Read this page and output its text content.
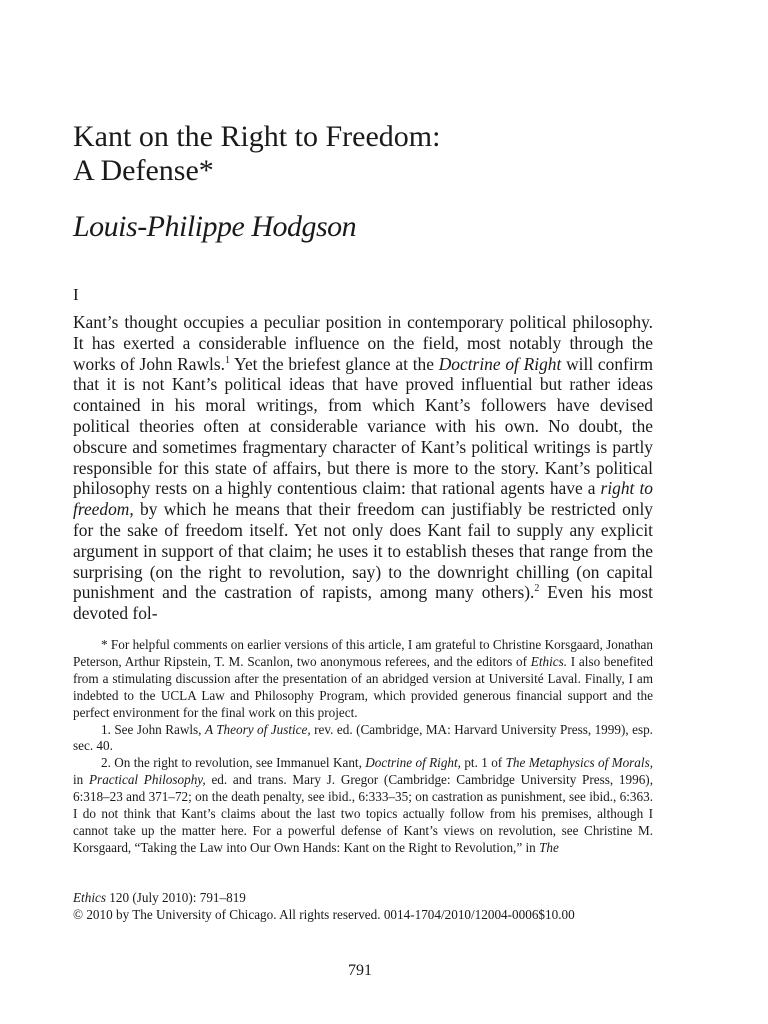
Kant on the Right to Freedom:
A Defense*
Louis-Philippe Hodgson
I

Kant’s thought occupies a peculiar position in contemporary political philosophy. It has exerted a considerable influence on the field, most notably through the works of John Rawls.$^1$ Yet the briefest glance at the Doctrine of Right will confirm that it is not Kant’s political ideas that have proved influential but rather ideas contained in his moral writings, from which Kant’s followers have devised political theories often at considerable variance with his own. No doubt, the obscure and sometimes fragmentary character of Kant’s political writings is partly responsible for this state of affairs, but there is more to the story. Kant’s political philosophy rests on a highly contentious claim: that rational agents have a right to freedom, by which he means that their freedom can justifiably be restricted only for the sake of freedom itself. Yet not only does Kant fail to supply any explicit argument in support of that claim; he uses it to establish theses that range from the surprising (on the right to revolution, say) to the downright chilling (on capital punishment and the castration of rapists, among many others).$^2$ Even his most devoted fol-

* For helpful comments on earlier versions of this article, I am grateful to Christine Korsgaard, Jonathan Peterson, Arthur Ripstein, T. M. Scanlon, two anonymous referees, and the editors of Ethics. I also benefited from a stimulating discussion after the presentation of an abridged version at Université Laval. Finally, I am indebted to the UCLA Law and Philosophy Program, which provided generous financial support and the perfect environment for the final work on this project.

1. See John Rawls, A Theory of Justice, rev. ed. (Cambridge, MA: Harvard University Press, 1999), esp. sec. 40.

2. On the right to revolution, see Immanuel Kant, Doctrine of Right, pt. 1 of The Metaphysics of Morals, in Practical Philosophy, ed. and trans. Mary J. Gregor (Cambridge: Cambridge University Press, 1996), 6:318–23 and 371–72; on the death penalty, see ibid., 6:333–35; on castration as punishment, see ibid., 6:363. I do not think that Kant’s claims about the last two topics actually follow from his premises, although I cannot take up the matter here. For a powerful defense of Kant’s views on revolution, see Christine M. Korsgaard, “Taking the Law into Our Own Hands: Kant on the Right to Revolution,” in The

Ethics 120 (July 2010): 791–819

© 2010 by The University of Chicago. All rights reserved. 0014-1704/2010/12004-0006$10.00

791
